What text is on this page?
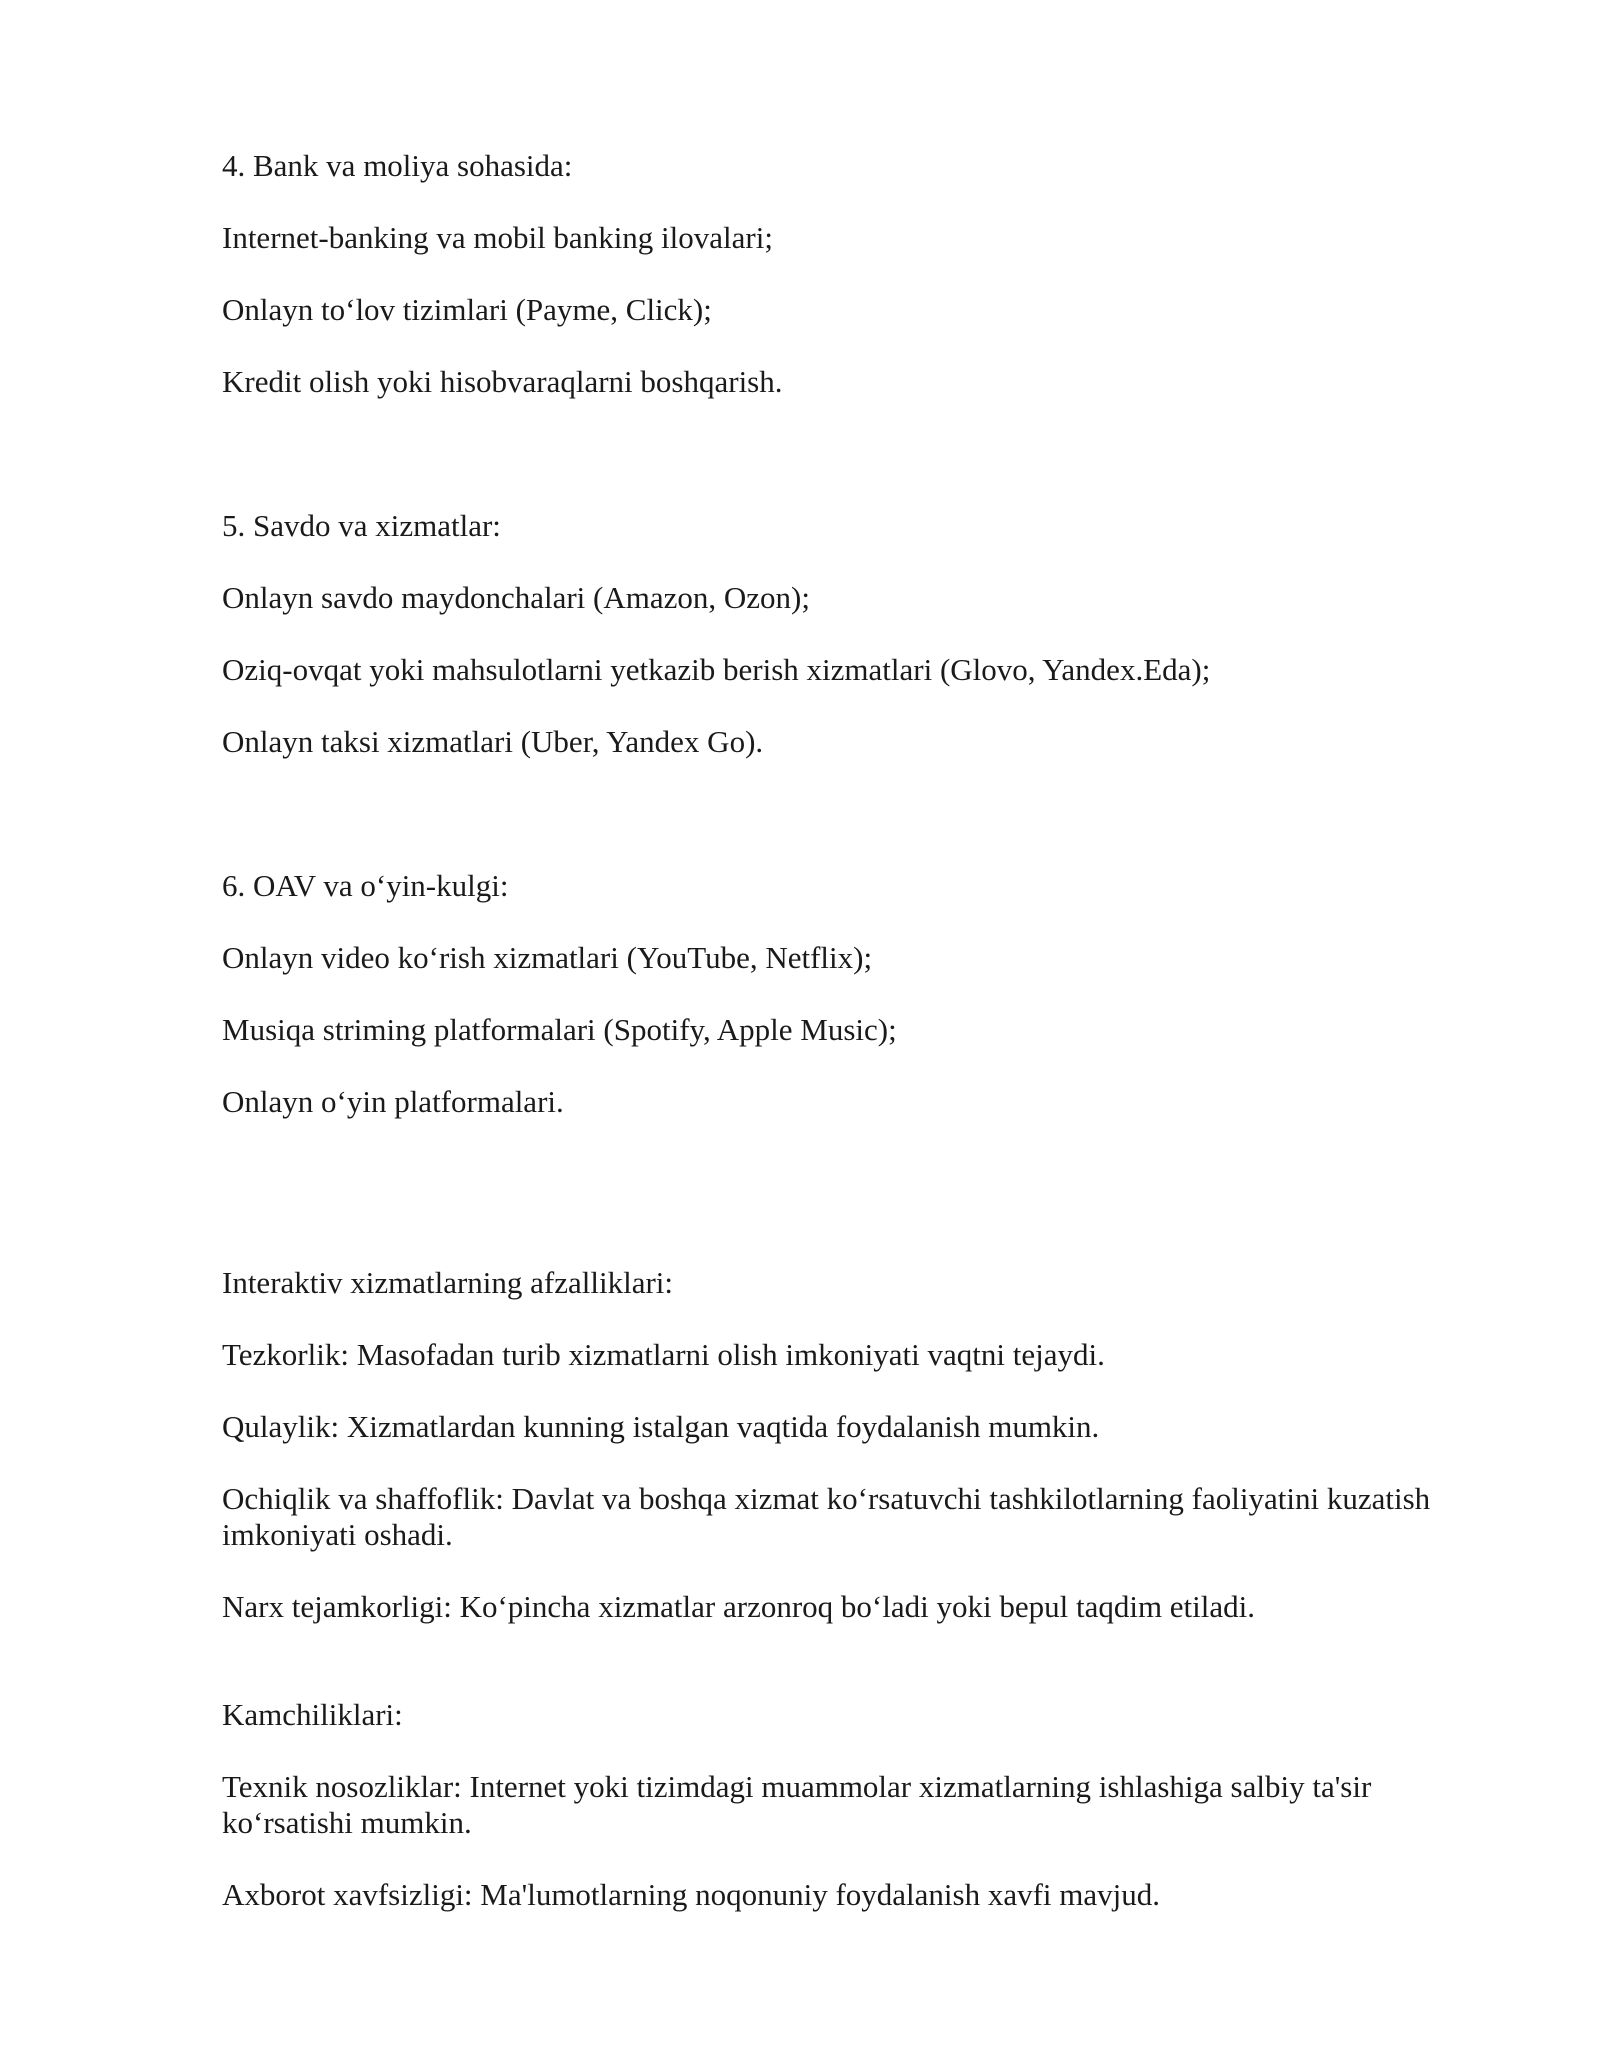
4. Bank va moliya sohasida:

Internet-banking va mobil banking ilovalari;

Onlayn to‘lov tizimlari (Payme, Click);

Kredit olish yoki hisobvaraqlarni boshqarish.

5. Savdo va xizmatlar:

Onlayn savdo maydonchalari (Amazon, Ozon);

Oziq-ovqat yoki mahsulotlarni yetkazib berish xizmatlari (Glovo, Yandex.Eda);

Onlayn taksi xizmatlari (Uber, Yandex Go).

6. OAV va o‘yin-kulgi:

Onlayn video ko‘rish xizmatlari (YouTube, Netflix);

Musiqa striming platformalari (Spotify, Apple Music);

Onlayn o‘yin platformalari.

Interaktiv xizmatlarning afzalliklari:

Tezkorlik: Masofadan turib xizmatlarni olish imkoniyati vaqtni tejaydi.

Qulaylik: Xizmatlardan kunning istalgan vaqtida foydalanish mumkin.

Ochiqlik va shaffoflik: Davlat va boshqa xizmat ko‘rsatuvchi tashkilotlarning faoliyatini kuzatish imkoniyati oshadi.

Narx tejamkorligi: Ko‘pincha xizmatlar arzonroq bo‘ladi yoki bepul taqdim etiladi.

Kamchiliklari:

Texnik nosozliklar: Internet yoki tizimdagi muammolar xizmatlarning ishlashiga salbiy ta'sir ko‘rsatishi mumkin.

Axborot xavfsizligi: Ma'lumotlarning noqonuniy foydalanish xavfi mavjud.
